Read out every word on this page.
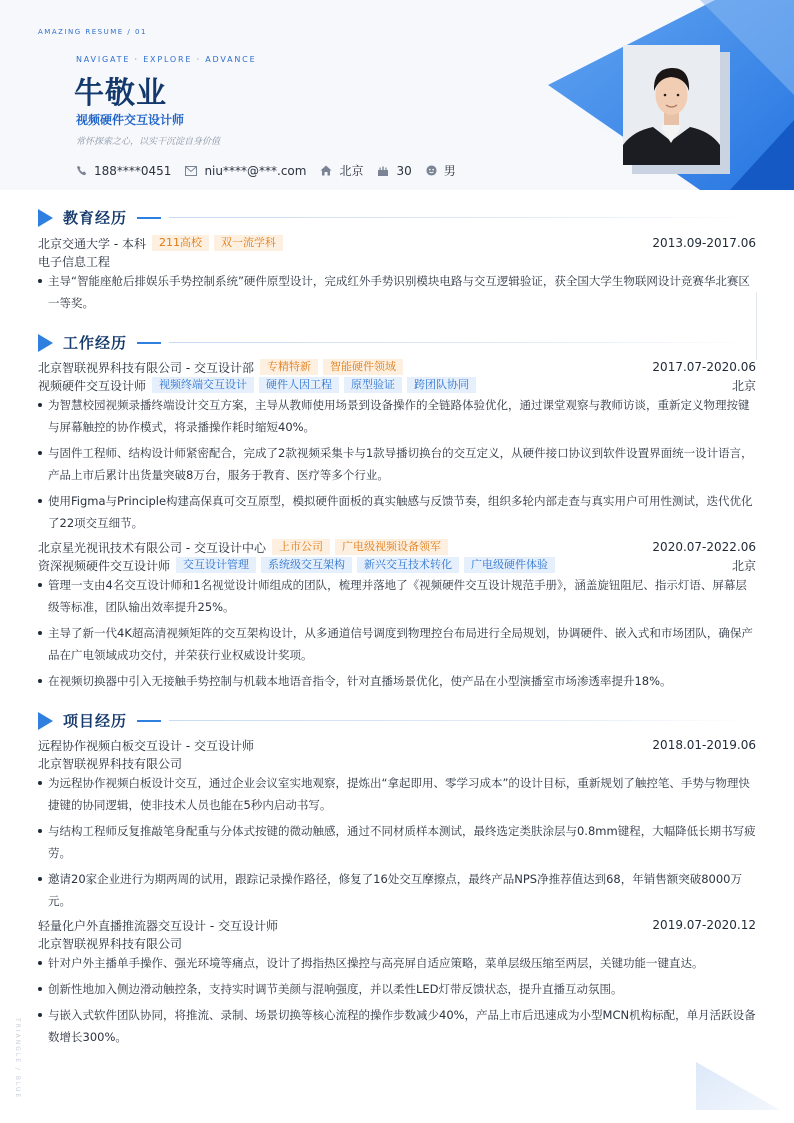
AMAZING RESUME / 01
NAVIGATE · EXPLORE · ADVANCE
牛敬业
视频硬件交互设计师
常怀探索之心，以实干沉淀自身价值
188****0451	niu****@***.com	北京	30	男
教育经历
北京交通大学 - 本科	211高校	双一流学科	2013.09-2017.06
电子信息工程
主导“智能座舱后排娱乐手势控制系统”硬件原型设计，完成红外手势识别模块电路与交互逻辑验证，获全国大学生物联网设计竞赛华北赛区一等奖。
工作经历
北京智联视界科技有限公司 - 交互设计部	专精特新	智能硬件领域	2017.07-2020.06
视频硬件交互设计师	视频终端交互设计	硬件人因工程	原型验证	跨团队协同	北京
为智慧校园视频录播终端设计交互方案，主导从教师使用场景到设备操作的全链路体验优化，通过课堂观察与教师访谈，重新定义物理按键与屏幕触控的协作模式，将录播操作耗时缩短40%。
与固件工程师、结构设计师紧密配合，完成了2款视频采集卡与1款导播切换台的交互定义，从硬件接口协议到软件设置界面统一设计语言，产品上市后累计出货量突破8万台，服务于教育、医疗等多个行业。
使用Figma与Principle构建高保真可交互原型，模拟硬件面板的真实触感与反馈节奏，组织多轮内部走查与真实用户可用性测试，迭代优化了22项交互细节。
北京星光视讯技术有限公司 - 交互设计中心	上市公司	广电级视频设备领军	2020.07-2022.06
资深视频硬件交互设计师	交互设计管理	系统级交互架构	新兴交互技术转化	广电级硬件体验	北京
管理一支由4名交互设计师和1名视觉设计师组成的团队，梳理并落地了《视频硬件交互设计规范手册》，涵盖旋钮阻尼、指示灯语、屏幕层级等标准，团队输出效率提升25%。
主导了新一代4K超高清视频矩阵的交互架构设计，从多通道信号调度到物理控台布局进行全局规划，协调硬件、嵌入式和市场团队，确保产品在广电领域成功交付，并荣获行业权威设计奖项。
在视频切换器中引入无接触手势控制与机载本地语音指令，针对直播场景优化，使产品在小型演播室市场渗透率提升18%。
项目经历
远程协作视频白板交互设计 - 交互设计师	2018.01-2019.06
北京智联视界科技有限公司
为远程协作视频白板设计交互，通过企业会议室实地观察，提炼出“拿起即用、零学习成本”的设计目标，重新规划了触控笔、手势与物理快捷键的协同逻辑，使非技术人员也能在5秒内启动书写。
与结构工程师反复推敲笔身配重与分体式按键的微动触感，通过不同材质样本测试，最终选定类肤涂层与0.8mm键程，大幅降低长期书写疲劳。
邀请20家企业进行为期两周的试用，跟踪记录操作路径，修复了16处交互摩擦点，最终产品NPS净推荐值达到68，年销售额突破8000万元。
轻量化户外直播推流器交互设计 - 交互设计师	2019.07-2020.12
北京智联视界科技有限公司
针对户外主播单手操作、强光环境等痛点，设计了拇指热区操控与高亮屏自适应策略，菜单层级压缩至两层，关键功能一键直达。
创新性地加入侧边滑动触控条，支持实时调节美颜与混响强度，并以柔性LED灯带反馈状态，提升直播互动氛围。
与嵌入式软件团队协同，将推流、录制、场景切换等核心流程的操作步数减少40%，产品上市后迅速成为小型MCN机构标配，单月活跃设备数增长300%。
TRIANGLE / BLUE
